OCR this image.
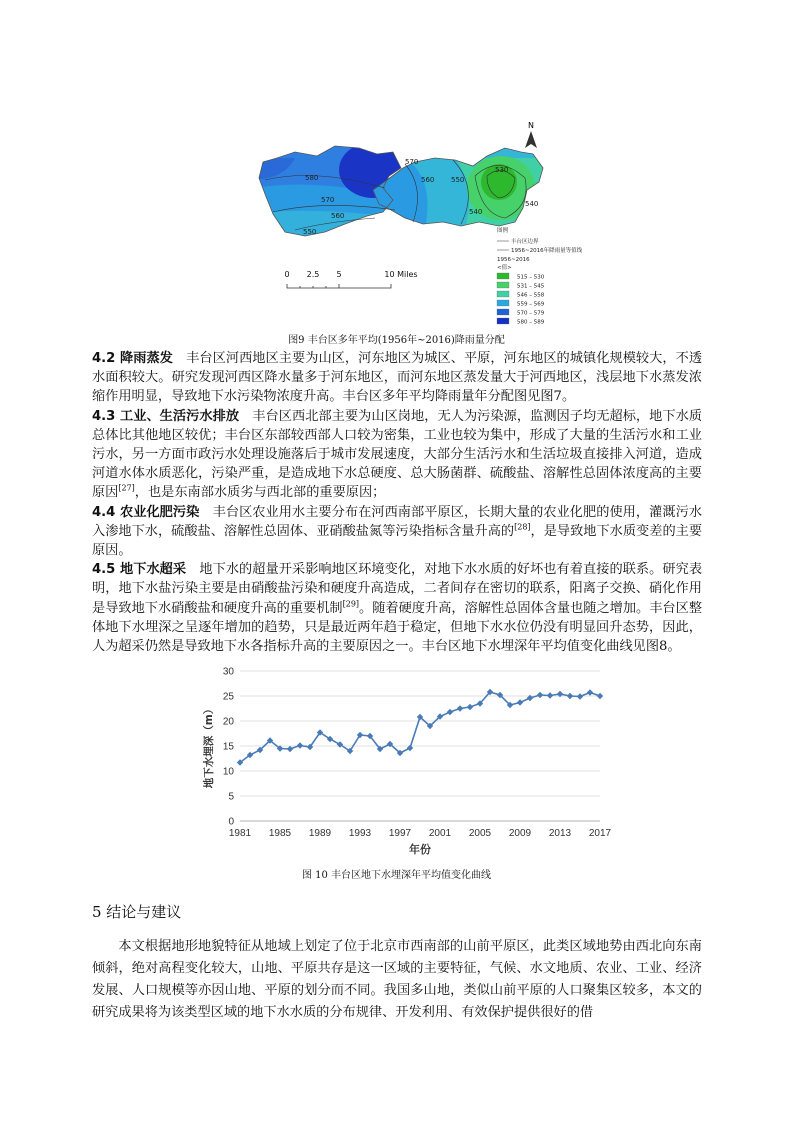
570
560
580
570
560
550
550
540
530
540
N
0 2.5 5	10 Miles
图例
丰台区边界
1956~2016年降雨量等值线
1956~2016
<值>
515 – 530
531 – 545
546 – 558
559 – 569
570 – 579
580 – 589
图9 丰台区多年平均(1956年~2016)降雨量分配

4.2 降雨蒸发　 丰台区河西地区主要为山区，河东地区为城区、平原，河东地区的城镇化规模较大，不透水面积较大。研究发现河西区降水量多于河东地区，而河东地区蒸发量大于河西地区，浅层地下水蒸发浓缩作用明显，导致地下水污染物浓度升高。丰台区多年平均降雨量年分配图见图7。

4.3 工业、生活污水排放　 丰台区西北部主要为山区岗地，无人为污染源，监测因子均无超标，地下水质总体比其他地区较优；丰台区东部较西部人口较为密集，工业也较为集中，形成了大量的生活污水和工业污水，另一方面市政污水处理设施落后于城市发展速度，大部分生活污水和生活垃圾直接排入河道，造成河道水体水质恶化，污染严重，是造成地下水总硬度、总大肠菌群、硫酸盐、溶解性总固体浓度高的主要原因[27]，也是东南部水质劣与西北部的重要原因；

4.4 农业化肥污染　 丰台区农业用水主要分布在河西南部平原区，长期大量的农业化肥的使用，灌溉污水入渗地下水，硫酸盐、溶解性总固体、亚硝酸盐氮等污染指标含量升高的[28]，是导致地下水质变差的主要原因。

4.5 地下水超采　 地下水的超量开采影响地区环境变化，对地下水水质的好坏也有着直接的联系。研究表明，地下水盐污染主要是由硝酸盐污染和硬度升高造成，二者间存在密切的联系，阳离子交换、硝化作用是导致地下水硝酸盐和硬度升高的重要机制[29]。随着硬度升高，溶解性总固体含量也随之增加。丰台区整体地下水埋深之呈逐年增加的趋势，只是最近两年趋于稳定，但地下水水位仍没有明显回升态势，因此，人为超采仍然是导致地下水各指标升高的主要原因之一。丰台区地下水埋深年平均值变化曲线见图8。

0
5
10
15
20
25
30
1981 1985 1989 1993 1997 2001 2005 2009 2013 2017
年份
地下水埋深（m）
图 10 丰台区地下水埋深年平均值变化曲线
5 结论与建议

本文根据地形地貌特征从地域上划定了位于北京市西南部的山前平原区，此类区域地势由西北向东南倾斜，绝对高程变化较大，山地、平原共存是这一区域的主要特征，气候、水文地质、农业、工业、经济发展、人口规模等亦因山地、平原的划分而不同。我国多山地，类似山前平原的人口聚集区较多，本文的研究成果将为该类型区域的地下水水质的分布规律、开发利用、有效保护提供很好的借
